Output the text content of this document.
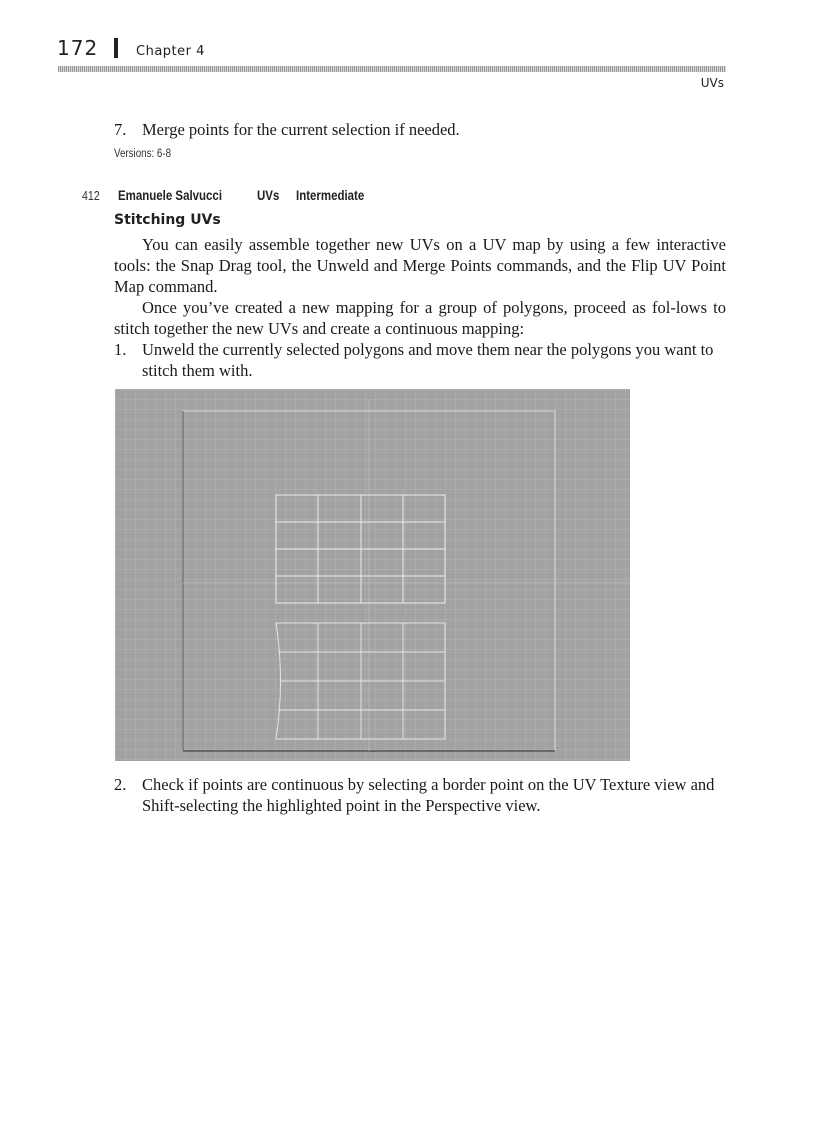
172	Chapter 4
UVs
7. Merge points for the current selection if needed.
Versions: 6-8
412 Emanuele Salvucci UVs Intermediate
Stitching UVs
You can easily assemble together new UVs on a UV map by using a few interactive tools: the Snap Drag tool, the Unweld and Merge Points commands, and the Flip UV Point Map command.
Once you’ve created a new mapping for a group of polygons, proceed as fol-lows to stitch together the new UVs and create a continuous mapping:
1. Unweld the currently selected polygons and move them near the polygons you want to stitch them with.
2. Check if points are continuous by selecting a border point on the UV Texture view and Shift-selecting the highlighted point in the Perspective view.
